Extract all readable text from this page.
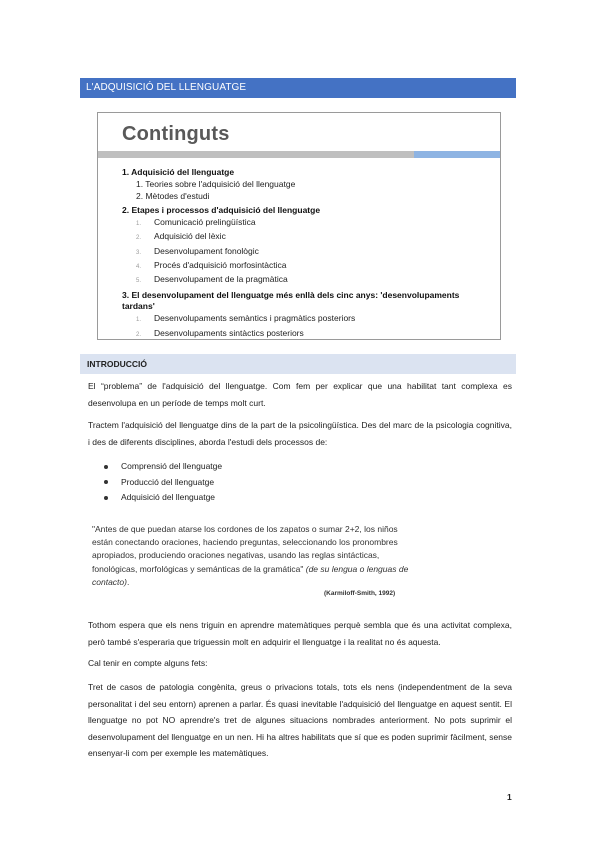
L'ADQUISICIÓ DEL LLENGUATGE
Continguts
1. Adquisició del llenguatge
1. Teories sobre l'adquisició del llenguatge
2. Mètodes d'estudi
2. Etapes i processos d'adquisició del llenguatge
1.	Comunicació prelingüística
2.	Adquisició del lèxic
3.	Desenvolupament fonològic
4.	Procés d'adquisició morfosintàctica
5.	Desenvolupament de la pragmàtica
3. El desenvolupament del llenguatge més enllà dels cinc anys: 'desenvolupaments tardans'
1.	Desenvolupaments semàntics i pragmàtics posteriors
2.	Desenvolupaments sintàctics posteriors
INTRODUCCIÓ

El “problema” de l'adquisició del llenguatge. Com fem per explicar que una habilitat tant complexa es desenvolupa en un període de temps molt curt.

Tractem l'adquisició del llenguatge dins de la part de la psicolingüística. Des del marc de la psicologia cognitiva, i des de diferents disciplines, aborda l'estudi dels processos de:

Comprensió del llenguatge
Producció del llenguatge
Adquisició del llenguatge
"Antes de que puedan atarse los cordones de los zapatos o sumar 2+2, los niños están conectando oraciones, haciendo preguntas, seleccionando los pronombres apropiados, produciendo oraciones negativas, usando las reglas sintácticas, fonológicas, morfológicas y semánticas de la gramática" (de su lengua o lenguas de contacto).
(Karmiloff-Smith, 1992)

Tothom espera que els nens triguin en aprendre matemàtiques perquè sembla que és una activitat complexa, però també s'esperaria que triguessin molt en adquirir el llenguatge i la realitat no és aquesta.

Cal tenir en compte alguns fets:

Tret de casos de patologia congènita, greus o privacions totals, tots els nens (independentment de la seva personalitat i del seu entorn) aprenen a parlar. És quasi inevitable l'adquisició del llenguatge en aquest sentit. El llenguatge no pot NO aprendre's tret de algunes situacions nombrades anteriorment. No pots suprimir el desenvolupament del llenguatge en un nen. Hi ha altres habilitats que sí que es poden suprimir fàcilment, sense ensenyar-li com per exemple les matemàtiques.

1
